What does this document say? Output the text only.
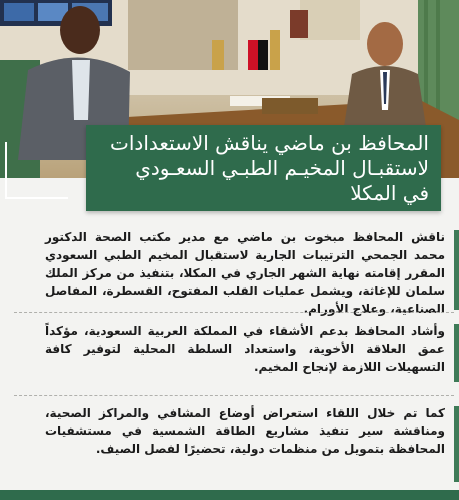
المحافظ بن ماضي يناقش الاستعدادات

لاستقبـال المخيـم الطبـي السعـودي

في المكلا

ناقش المحافظ مبخوت بن ماضي مع مدير مكتب الصحة الدكتور محمد الجمحي الترتيبات الجارية لاستقبال المخيم الطبي السعودي المقرر إقامته نهاية الشهر الجاري في المكلا، بتنفيذ من مركز الملك سلمان للإغاثة، ويشمل عمليات القلب المفتوح، القسطرة، المفاصل الصناعية، وعلاج الأورام.

وأشاد المحافظ بدعم الأشقاء في المملكة العربية السعودية، مؤكداً عمق العلاقة الأخوية، واستعداد السلطة المحلية لتوفير كافة التسهيلات اللازمة لإنجاح المخيم.

كما تم خلال اللقاء استعراض أوضاع المشافي والمراكز الصحية، ومناقشة سير تنفيذ مشاريع الطاقة الشمسية في مستشفيات المحافظة بتمويل من منظمات دولية، تحضيرًا لفصل الصيف.
